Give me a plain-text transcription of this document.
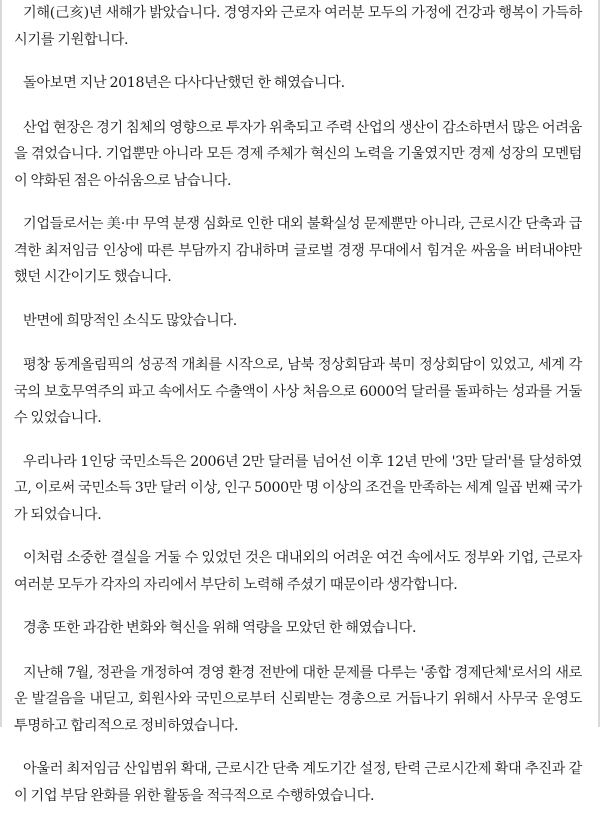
기해(己亥)년 새해가 밝았습니다. 경영자와 근로자 여러분 모두의 가정에 건강과 행복이 가득하시기를 기원합니다.

돌아보면 지난 2018년은 다사다난했던 한 해였습니다.

산업 현장은 경기 침체의 영향으로 투자가 위축되고 주력 산업의 생산이 감소하면서 많은 어려움을 겪었습니다. 기업뿐만 아니라 모든 경제 주체가 혁신의 노력을 기울였지만 경제 성장의 모멘텀이 약화된 점은 아쉬움으로 남습니다.

기업들로서는 美·中 무역 분쟁 심화로 인한 대외 불확실성 문제뿐만 아니라, 근로시간 단축과 급격한 최저임금 인상에 따른 부담까지 감내하며 글로벌 경쟁 무대에서 힘겨운 싸움을 버텨내야만 했던 시간이기도 했습니다.

반면에 희망적인 소식도 많았습니다.

평창 동계올림픽의 성공적 개최를 시작으로, 남북 정상회담과 북미 정상회담이 있었고, 세계 각국의 보호무역주의 파고 속에서도 수출액이 사상 처음으로 6000억 달러를 돌파하는 성과를 거둘 수 있었습니다.

우리나라 1인당 국민소득은 2006년 2만 달러를 넘어선 이후 12년 만에 '3만 달러'를 달성하였고, 이로써 국민소득 3만 달러 이상, 인구 5000만 명 이상의 조건을 만족하는 세계 일곱 번째 국가가 되었습니다.

이처럼 소중한 결실을 거둘 수 있었던 것은 대내외의 어려운 여건 속에서도 정부와 기업, 근로자 여러분 모두가 각자의 자리에서 부단히 노력해 주셨기 때문이라 생각합니다.

경총 또한 과감한 변화와 혁신을 위해 역량을 모았던 한 해였습니다.

지난해 7월, 정관을 개정하여 경영 환경 전반에 대한 문제를 다루는 '종합 경제단체'로서의 새로운 발걸음을 내딛고, 회원사와 국민으로부터 신뢰받는 경총으로 거듭나기 위해서 사무국 운영도 투명하고 합리적으로 정비하였습니다.

아울러 최저임금 산입범위 확대, 근로시간 단축 계도기간 설정, 탄력 근로시간제 확대 추진과 같이 기업 부담 완화를 위한 활동을 적극적으로 수행하였습니다.
